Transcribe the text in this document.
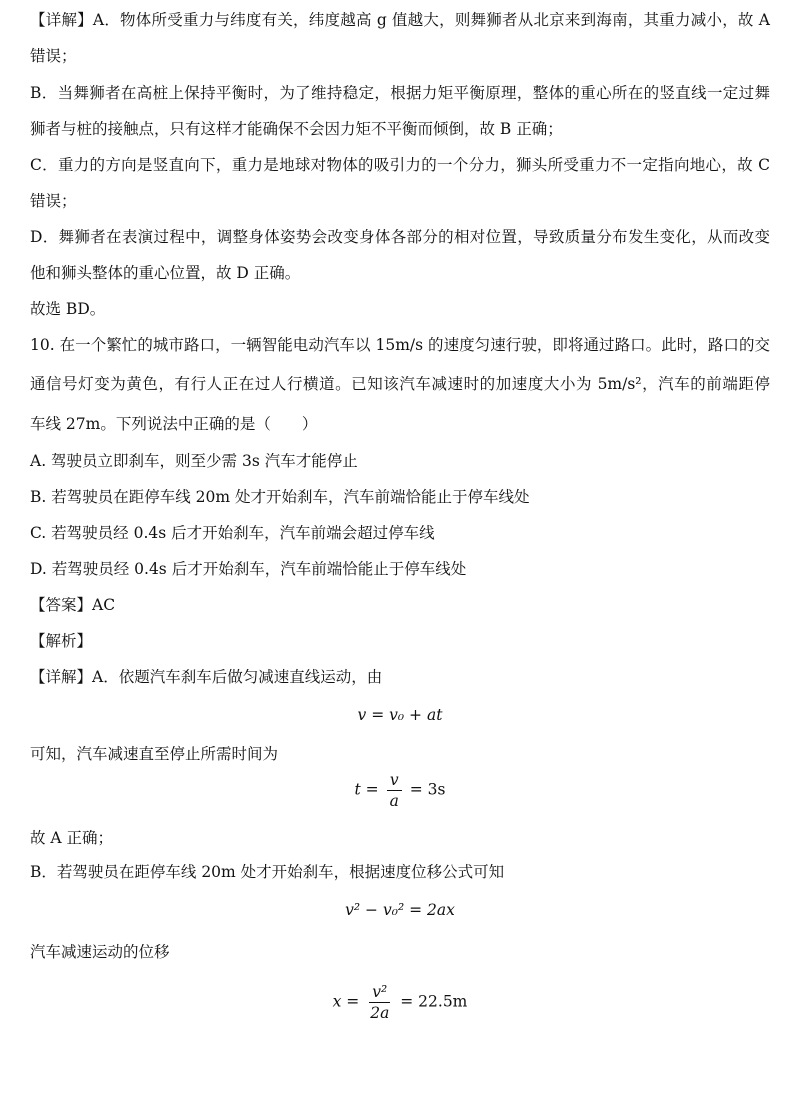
【详解】A．物体所受重力与纬度有关，纬度越高 g 值越大，则舞狮者从北京来到海南，其重力减小，故 A
错误；
B．当舞狮者在高桩上保持平衡时，为了维持稳定，根据力矩平衡原理，整体的重心所在的竖直线一定过舞
狮者与桩的接触点，只有这样才能确保不会因力矩不平衡而倾倒，故 B 正确；
C．重力的方向是竖直向下，重力是地球对物体的吸引力的一个分力，狮头所受重力不一定指向地心，故 C
错误；
D．舞狮者在表演过程中，调整身体姿势会改变身体各部分的相对位置，导致质量分布发生变化，从而改变
他和狮头整体的重心位置，故 D 正确。
故选 BD。
10. 在一个繁忙的城市路口，一辆智能电动汽车以 15m/s 的速度匀速行驶，即将通过路口。此时，路口的交
通信号灯变为黄色，有行人正在过人行横道。已知该汽车减速时的加速度大小为 5m/s²，汽车的前端距停
车线 27m。下列说法中正确的是（　　）
A. 驾驶员立即刹车，则至少需 3s 汽车才能停止
B. 若驾驶员在距停车线 20m 处才开始刹车，汽车前端恰能止于停车线处
C. 若驾驶员经 0.4s 后才开始刹车，汽车前端会超过停车线
D. 若驾驶员经 0.4s 后才开始刹车，汽车前端恰能止于停车线处
【答案】AC
【解析】
【详解】A．依题汽车刹车后做匀减速直线运动，由
v = v₀ + at
可知，汽车减速直至停止所需时间为
$t = \frac{v}{a} = 3s$
故 A 正确；
B．若驾驶员在距停车线 20m 处才开始刹车，根据速度位移公式可知
v² − v₀² = 2ax
汽车减速运动的位移
$x = \frac{\text{v²}}{2a} = 22.5m$
